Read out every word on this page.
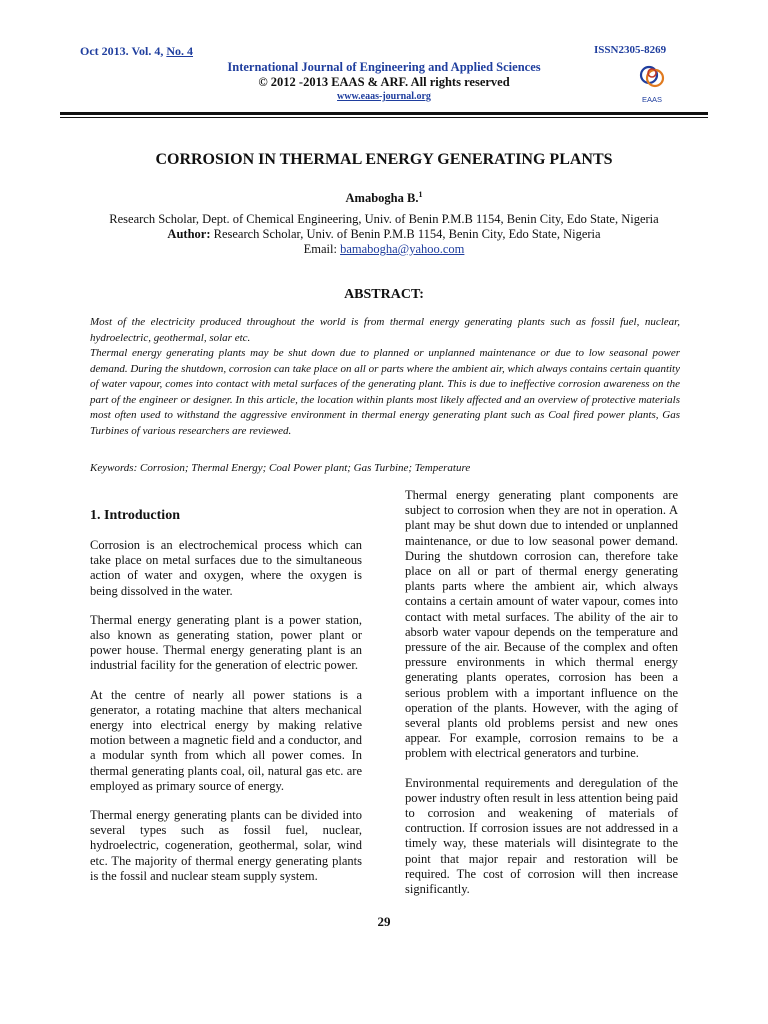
Oct 2013. Vol. 4, No. 4
International Journal of Engineering and Applied Sciences
© 2012 -2013 EAAS & ARF. All rights reserved
www.eaas-journal.org
ISSN2305-8269
EAAS
CORROSION IN THERMAL ENERGY GENERATING PLANTS
Amabogha B.$^1$
Research Scholar, Dept. of Chemical Engineering, Univ. of Benin P.M.B 1154, Benin City, Edo State, Nigeria
Author: Research Scholar, Univ. of Benin P.M.B 1154, Benin City, Edo State, Nigeria
Email: bamabogha@yahoo.com
ABSTRACT:

Most of the electricity produced throughout the world is from thermal energy generating plants such as fossil fuel, nuclear, hydroelectric, geothermal, solar etc.

Thermal energy generating plants may be shut down due to planned or unplanned maintenance or due to low seasonal power demand. During the shutdown, corrosion can take place on all or parts where the ambient air, which always contains certain quantity of water vapour, comes into contact with metal surfaces of the generating plant. This is due to ineffective corrosion awareness on the part of the engineer or designer. In this article, the location within plants most likely affected and an overview of protective materials most often used to withstand the aggressive environment in thermal energy generating plant such as Coal fired power plants, Gas Turbines of various researchers are reviewed.

Keywords: Corrosion; Thermal Energy; Coal Power plant; Gas Turbine; Temperature
1. Introduction

Corrosion is an electrochemical process which can take place on metal surfaces due to the simultaneous action of water and oxygen, where the oxygen is being dissolved in the water.

Thermal energy generating plant is a power station, also known as generating station, power plant or power house. Thermal energy generating plant is an industrial facility for the generation of electric power.

At the centre of nearly all power stations is a generator, a rotating machine that alters mechanical energy into electrical energy by making relative motion between a magnetic field and a conductor, and a modular synth from which all power comes. In thermal generating plants coal, oil, natural gas etc. are employed as primary source of energy.

Thermal energy generating plants can be divided into several types such as fossil fuel, nuclear, hydroelectric, cogeneration, geothermal, solar, wind etc. The majority of thermal energy generating plants is the fossil and nuclear steam supply system.

Thermal energy generating plant components are subject to corrosion when they are not in operation. A plant may be shut down due to intended or unplanned maintenance, or due to low seasonal power demand. During the shutdown corrosion can, therefore take place on all or part of thermal energy generating plants parts where the ambient air, which always contains a certain amount of water vapour, comes into contact with metal surfaces. The ability of the air to absorb water vapour depends on the temperature and pressure of the air. Because of the complex and often pressure environments in which thermal energy generating plants operates, corrosion has been a serious problem with a important influence on the operation of the plants. However, with the aging of several plants old problems persist and new ones appear. For example, corrosion remains to be a problem with electrical generators and turbine.

Environmental requirements and deregulation of the power industry often result in less attention being paid to corrosion and weakening of materials of contruction. If corrosion issues are not addressed in a timely way, these materials will disintegrate to the point that major repair and restoration will be required. The cost of corrosion will then increase significantly.

29
